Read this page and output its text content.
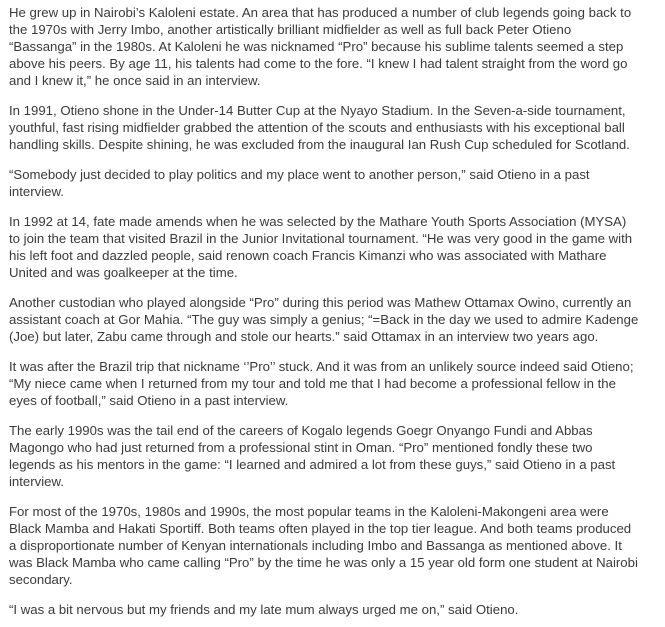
He grew up in Nairobi’s Kaloleni estate. An area that has produced a number of club legends going back to the 1970s with Jerry Imbo, another artistically brilliant midfielder as well as full back Peter Otieno “Bassanga” in the 1980s. At Kaloleni he was nicknamed “Pro” because his sublime talents seemed a step above his peers. By age 11, his talents had come to the fore. “I knew I had talent straight from the word go and I knew it,” he once said in an interview.

In 1991, Otieno shone in the Under-14 Butter Cup at the Nyayo Stadium. In the Seven-a-side tournament, youthful, fast rising midfielder grabbed the attention of the scouts and enthusiasts with his exceptional ball handling skills. Despite shining, he was excluded from the inaugural Ian Rush Cup scheduled for Scotland.

“Somebody just decided to play politics and my place went to another person,” said Otieno in a past interview.

In 1992 at 14, fate made amends when he was selected by the Mathare Youth Sports Association (MYSA) to join the team that visited Brazil in the Junior Invitational tournament. “He was very good in the game with his left foot and dazzled people, said renown coach Francis Kimanzi who was associated with Mathare United and was goalkeeper at the time.

Another custodian who played alongside “Pro” during this period was Mathew Ottamax Owino, currently an assistant coach at Gor Mahia. “The guy was simply a genius; “=Back in the day we used to admire Kadenge (Joe) but later, Zabu came through and stole our hearts.” said Ottamax in an interview two years ago.

It was after the Brazil trip that nickname ‘’Pro’’ stuck. And it was from an unlikely source indeed said Otieno; “My niece came when I returned from my tour and told me that I had become a professional fellow in the eyes of football,” said Otieno in a past interview.

The early 1990s was the tail end of the careers of Kogalo legends Goegr Onyango Fundi and Abbas Magongo who had just returned from a professional stint in Oman. “Pro” mentioned fondly these two legends as his mentors in the game: “I learned and admired a lot from these guys,” said Otieno in a past interview.

For most of the 1970s, 1980s and 1990s, the most popular teams in the Kaloleni-Makongeni area were Black Mamba and Hakati Sportiff. Both teams often played in the top tier league. And both teams produced a disproportionate number of Kenyan internationals including Imbo and Bassanga as mentioned above. It was Black Mamba who came calling “Pro” by the time he was only a 15 year old form one student at Nairobi secondary.

“I was a bit nervous but my friends and my late mum always urged me on,” said Otieno.
